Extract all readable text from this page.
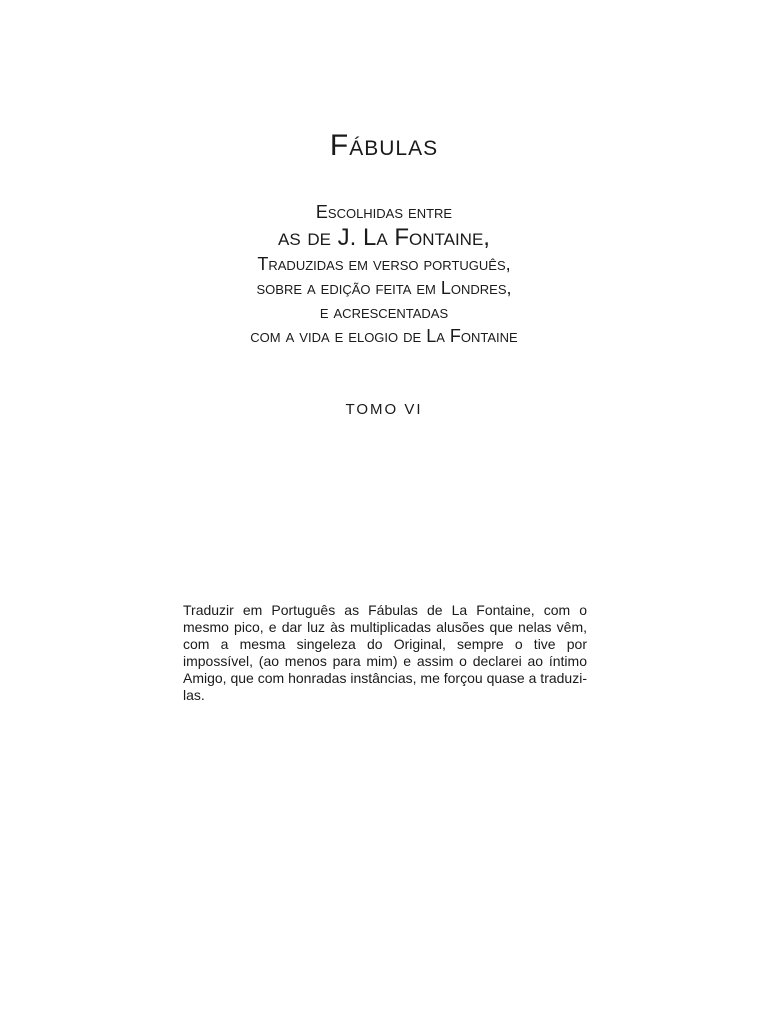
Fábulas
Escolhidas entre
as de J. La Fontaine,
Traduzidas em verso português,
sobre a edição feita em Londres,
e acrescentadas
com a vida e elogio de La Fontaine
TOMO VI

Traduzir em Português as Fábulas de La Fontaine, com o mesmo pico, e dar luz às multiplicadas alusões que nelas vêm, com a mesma singeleza do Original, sempre o tive por impossível, (ao menos para mim) e assim o declarei ao íntimo Amigo, que com honradas instâncias, me forçou quase a traduzi-las.
